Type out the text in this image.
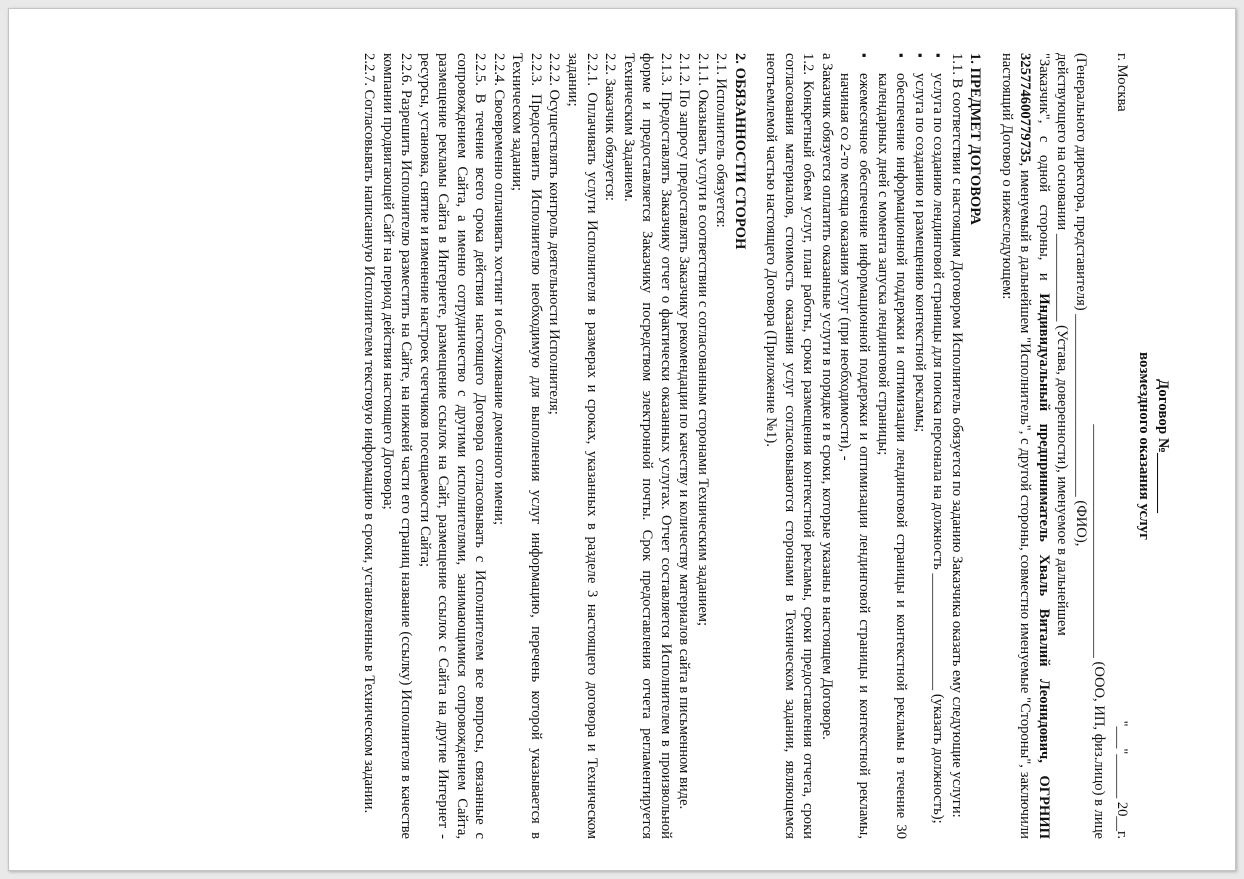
Договор №________

возмездного оказания услуг

г. Москва
"___"______ 20__г.
________________________________ (ООО, ИП, физ.лицо) в лице

(Генерального директора, представителя) _________________________ (ФИО),

действующего на основании ____________ (Устава, доверенности), именуемое в дальнейшем

"Заказчик", с одной стороны, и Индивидуальный предприниматель Хваль Виталий Леонидович, ОГРНИП 325774600779735, именуемый в дальнейшем "Исполнитель", с другой стороны, совместно именуемые "Стороны", заключили настоящий Договор о нижеследующем:

1. ПРЕДМЕТ ДОГОВОРА

1.1. В соответствии с настоящим Договором Исполнитель обязуется по заданию Заказчика оказать ему следующие услуги:

▪
услуга по созданию лендинговой страницы для поиска персонала на должность ________________ (указать должность);
▪
услуга по созданию и размещению контекстной рекламы;
▪
обеспечение информационной поддержки и оптимизации лендинговой страницы и контекстной рекламы в течение 30 календарных дней с момента запуска лендинговой страницы;
▪
ежемесячное обеспечение информационной поддержки и оптимизации лендинговой страницы и контекстной рекламы, начиная со 2-то месяца оказания услуг (при необходимости), -

а Заказчик обязуется оплатить оказанные услуги в порядке и в сроки, которые указаны в настоящем Договоре.

1.2. Конкретный объем услуг, план работы, сроки размещения контекстной рекламы, сроки предоставления отчета, сроки согласования материалов, стоимость оказания услуг согласовываются сторонами в Техническом задании, являющемся неотъемлемой частью настоящего Договора (Приложение №1).

2. ОБЯЗАННОСТИ СТОРОН

2.1. Исполнитель обязуется:

2.1.1. Оказывать услуги в соответствии с согласованным сторонами Техническим заданием;

2.1.2. По запросу предоставлять Заказчику рекомендации по качеству и количеству материалов сайта в письменном виде.

2.1.3. Предоставлять Заказчику отчет о фактически оказанных услугах. Отчет составляется Исполнителем в произвольной форме и предоставляется Заказчику посредством электронной почты. Срок предоставления отчета регламентируется Техническим Заданием.

2.2. Заказчик обязуется:

2.2.1. Оплачивать услуги Исполнителя в размерах и сроках, указанных в разделе 3 настоящего договора и Техническом задании;

2.2.2. Осуществлять контроль деятельности Исполнителя;

2.2.3. Предоставить Исполнителю необходимую для выполнения услуг информацию, перечень которой указывается в Техническом задании;

2.2.4. Своевременно оплачивать хостинг и обслуживание доменного имени;

2.2.5. В течение всего срока действия настоящего Договора согласовывать с Исполнителем все вопросы, связанные с сопровождением Сайта, а именно сотрудничество с другими исполнителями, занимающимися сопровождением Сайта, размещение рекламы Сайта в Интернете, размещение ссылок на Сайт, размещение ссылок с Сайта на другие Интернет - ресурсы, установка, снятие и изменение настроек счетчиков посещаемости Сайта;

2.2.6. Разрешить Исполнителю разместить на Сайте, на нижней части его страниц название (ссылку) Исполнителя в качестве компании продвигающей Сайт на период действия настоящего Договора;

2.2.7. Согласовывать написанную Исполнителем текстовую информацию в сроки, установленные в Техническом задании.
